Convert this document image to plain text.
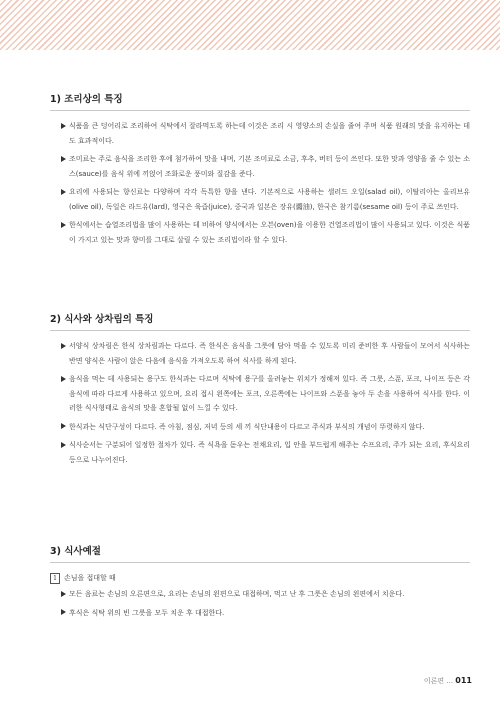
1) 조리상의 특징
식품을 큰 덩어리로 조리하여 식탁에서 잘라먹도록 하는데 이것은 조리 시 영양소의 손실을 줄여 주며 식품 원래의 맛을 유지하는 데도 효과적이다.
조미료는 주로 음식을 조리한 후에 첨가하여 맛을 내며, 기본 조미료로 소금, 후추, 버터 등이 쓰인다. 또한 맛과 영양을 줄 수 있는 소스(sauce)를 음식 위에 끼얹어 조화로운 풍미와 질감을 준다.
요리에 사용되는 향신료는 다양하며 각각 독특한 향을 낸다. 기본적으로 사용하는 샐러드 오일(salad oil), 이탈리아는 올리브유(olive oil), 독일은 라드유(lard), 영국은 육즙(juice), 중국과 일본은 장유(醬油), 한국은 참기름(sesame oil) 등이 주로 쓰인다.
한식에서는 습열조리법을 많이 사용하는 데 비하여 양식에서는 오븐(oven)을 이용한 건열조리법이 많이 사용되고 있다. 이것은 식품이 가지고 있는 맛과 향미를 그대로 살릴 수 있는 조리법이라 할 수 있다.
2) 식사와 상차림의 특징
서양식 상차림은 한식 상차림과는 다르다. 즉 한식은 음식을 그릇에 담아 먹을 수 있도록 미리 준비한 후 사람들이 모여서 식사하는 반면 양식은 사람이 앉은 다음에 음식을 가져오도록 하여 식사를 하게 된다.
음식을 먹는 데 사용되는 용구도 한식과는 다르며 식탁에 용구를 올려놓는 위치가 정해져 있다. 즉 그릇, 스푼, 포크, 나이프 등은 각 음식에 따라 다르게 사용하고 있으며, 요리 접시 왼쪽에는 포크, 오른쪽에는 나이프와 스푼을 놓아 두 손을 사용하여 식사를 한다. 이러한 식사형태로 음식의 맛을 혼합될 없이 느낄 수 있다.
한식과는 식단구성이 다르다. 즉 아침, 점심, 저녁 등의 세 끼 식단내용이 다르고 주식과 부식의 개념이 뚜렷하지 않다.
식사순서는 구분되어 일정한 절차가 있다. 즉 식욕을 돋우는 전채요리, 입 안을 부드럽게 해주는 수프요리, 주가 되는 요리, 후식요리 등으로 나누어진다.
3) 식사예절
1	손님을 접대할 때
모든 음료는 손님의 오른편으로, 요리는 손님의 왼편으로 대접하며, 먹고 난 후 그릇은 손님의 왼편에서 치운다.
후식은 식탁 위의 빈 그릇을 모두 치운 후 대접한다.
이론편 ... 011
